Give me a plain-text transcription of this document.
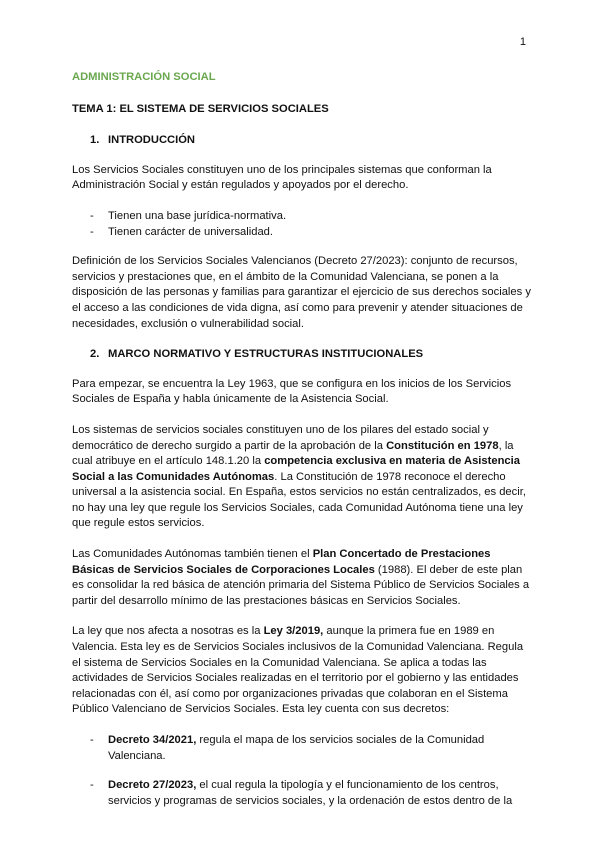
1
ADMINISTRACIÓN SOCIAL
TEMA 1: EL SISTEMA DE SERVICIOS SOCIALES
1. INTRODUCCIÓN

Los Servicios Sociales constituyen uno de los principales sistemas que conforman la Administración Social y están regulados y apoyados por el derecho.

- Tienen una base jurídica-normativa.
- Tienen carácter de universalidad.

Definición de los Servicios Sociales Valencianos (Decreto 27/2023): conjunto de recursos, servicios y prestaciones que, en el ámbito de la Comunidad Valenciana, se ponen a la disposición de las personas y familias para garantizar el ejercicio de sus derechos sociales y el acceso a las condiciones de vida digna, así como para prevenir y atender situaciones de necesidades, exclusión o vulnerabilidad social.

2. MARCO NORMATIVO Y ESTRUCTURAS INSTITUCIONALES

Para empezar, se encuentra la Ley 1963, que se configura en los inicios de los Servicios Sociales de España y habla únicamente de la Asistencia Social.

Los sistemas de servicios sociales constituyen uno de los pilares del estado social y democrático de derecho surgido a partir de la aprobación de la Constitución en 1978, la cual atribuye en el artículo 148.1.20 la competencia exclusiva en materia de Asistencia Social a las Comunidades Autónomas. La Constitución de 1978 reconoce el derecho universal a la asistencia social. En España, estos servicios no están centralizados, es decir, no hay una ley que regule los Servicios Sociales, cada Comunidad Autónoma tiene una ley que regule estos servicios.

Las Comunidades Autónomas también tienen el Plan Concertado de Prestaciones Básicas de Servicios Sociales de Corporaciones Locales (1988). El deber de este plan es consolidar la red básica de atención primaria del Sistema Público de Servicios Sociales a partir del desarrollo mínimo de las prestaciones básicas en Servicios Sociales.

La ley que nos afecta a nosotras es la Ley 3/2019, aunque la primera fue en 1989 en Valencia. Esta ley es de Servicios Sociales inclusivos de la Comunidad Valenciana. Regula el sistema de Servicios Sociales en la Comunidad Valenciana. Se aplica a todas las actividades de Servicios Sociales realizadas en el territorio por el gobierno y las entidades relacionadas con él, así como por organizaciones privadas que colaboran en el Sistema Público Valenciano de Servicios Sociales. Esta ley cuenta con sus decretos:

- Decreto 34/2021, regula el mapa de los servicios sociales de la Comunidad Valenciana.
- Decreto 27/2023, el cual regula la tipología y el funcionamiento de los centros, servicios y programas de servicios sociales, y la ordenación de estos dentro de la
